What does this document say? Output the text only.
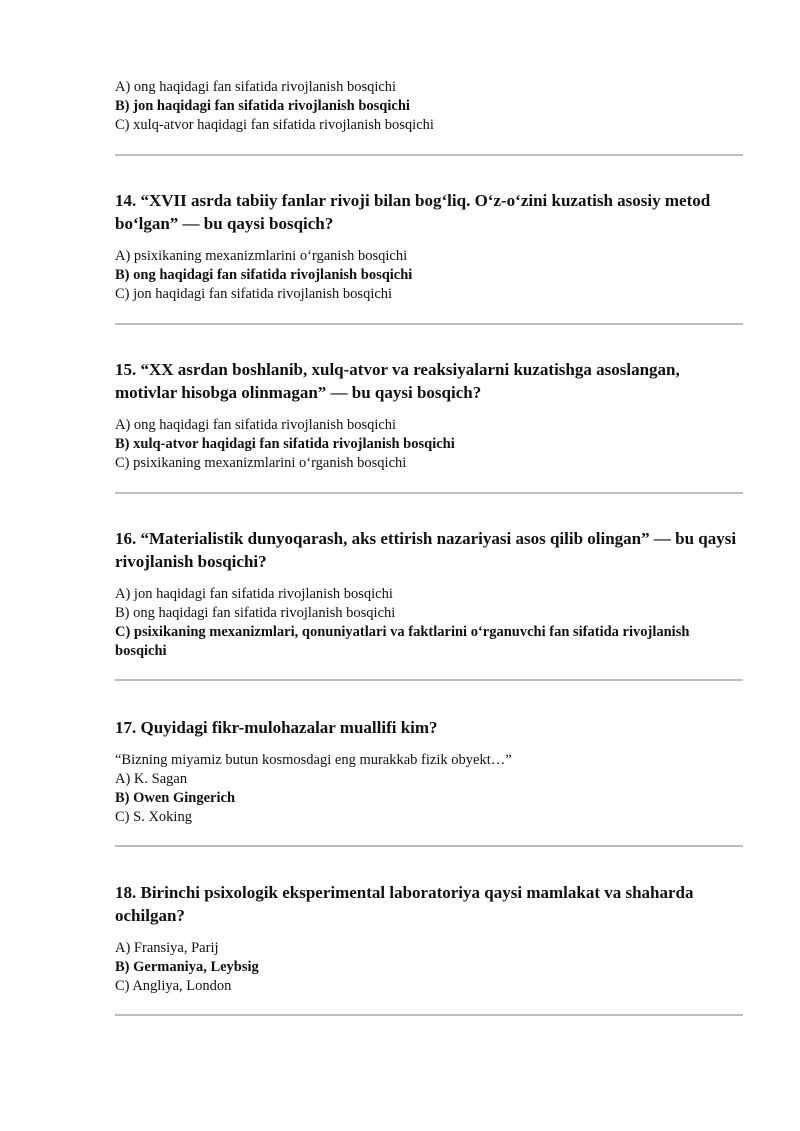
A) ong haqidagi fan sifatida rivojlanish bosqichi

B) jon haqidagi fan sifatida rivojlanish bosqichi

C) xulq-atvor haqidagi fan sifatida rivojlanish bosqichi

14. “XVII asrda tabiiy fanlar rivoji bilan bog‘liq. O‘z-o‘zini kuzatish asosiy metod bo‘lgan” — bu qaysi bosqich?

A) psixikaning mexanizmlarini o‘rganish bosqichi

B) ong haqidagi fan sifatida rivojlanish bosqichi

C) jon haqidagi fan sifatida rivojlanish bosqichi

15. “XX asrdan boshlanib, xulq-atvor va reaksiyalarni kuzatishga asoslangan, motivlar hisobga olinmagan” — bu qaysi bosqich?

A) ong haqidagi fan sifatida rivojlanish bosqichi

B) xulq-atvor haqidagi fan sifatida rivojlanish bosqichi

C) psixikaning mexanizmlarini o‘rganish bosqichi

16. “Materialistik dunyoqarash, aks ettirish nazariyasi asos qilib olingan” — bu qaysi rivojlanish bosqichi?

A) jon haqidagi fan sifatida rivojlanish bosqichi

B) ong haqidagi fan sifatida rivojlanish bosqichi

C) psixikaning mexanizmlari, qonuniyatlari va faktlarini o‘rganuvchi fan sifatida rivojlanish bosqichi

17. Quyidagi fikr-mulohazalar muallifi kim?

“Bizning miyamiz butun kosmosdagi eng murakkab fizik obyekt…”

A) K. Sagan

B) Owen Gingerich

C) S. Xoking

18. Birinchi psixologik eksperimental laboratoriya qaysi mamlakat va shaharda ochilgan?

A) Fransiya, Parij

B) Germaniya, Leybsig

C) Angliya, London
